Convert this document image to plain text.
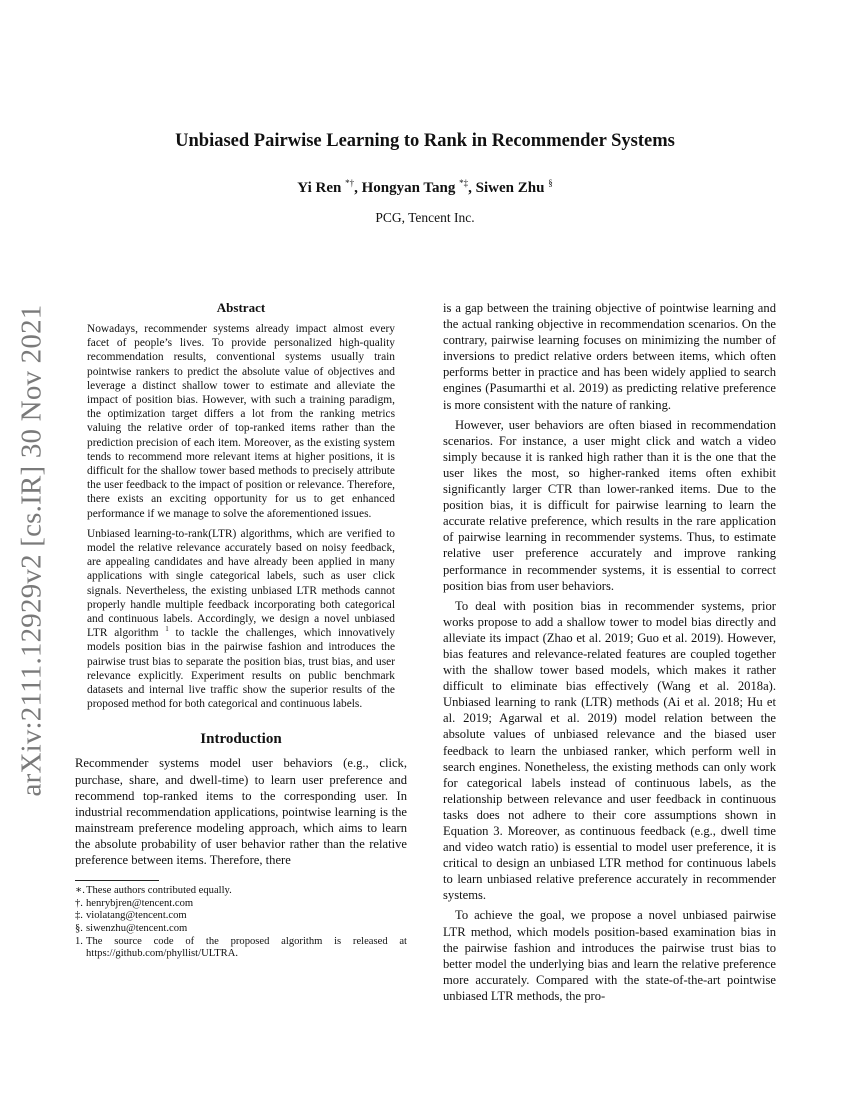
arXiv:2111.12929v2 [cs.IR] 30 Nov 2021
Unbiased Pairwise Learning to Rank in Recommender Systems
Yi Ren *†, Hongyan Tang *‡, Siwen Zhu §
PCG, Tencent Inc.
Abstract

Nowadays, recommender systems already impact almost every facet of people’s lives. To provide personalized high-quality recommendation results, conventional systems usually train pointwise rankers to predict the absolute value of objectives and leverage a distinct shallow tower to estimate and alleviate the impact of position bias. However, with such a training paradigm, the optimization target differs a lot from the ranking metrics valuing the relative order of top-ranked items rather than the prediction precision of each item. Moreover, as the existing system tends to recommend more relevant items at higher positions, it is difficult for the shallow tower based methods to precisely attribute the user feedback to the impact of position or relevance. Therefore, there exists an exciting opportunity for us to get enhanced performance if we manage to solve the aforementioned issues.

Unbiased learning-to-rank(LTR) algorithms, which are verified to model the relative relevance accurately based on noisy feedback, are appealing candidates and have already been applied in many applications with single categorical labels, such as user click signals. Nevertheless, the existing unbiased LTR methods cannot properly handle multiple feedback incorporating both categorical and continuous labels. Accordingly, we design a novel unbiased LTR algorithm $^1$ to tackle the challenges, which innovatively models position bias in the pairwise fashion and introduces the pairwise trust bias to separate the position bias, trust bias, and user relevance explicitly. Experiment results on public benchmark datasets and internal live traffic show the superior results of the proposed method for both categorical and continuous labels.

Introduction

Recommender systems model user behaviors (e.g., click, purchase, share, and dwell-time) to learn user preference and recommend top-ranked items to the corresponding user. In industrial recommendation applications, pointwise learning is the mainstream preference modeling approach, which aims to learn the absolute probability of user behavior rather than the relative preference between items. Therefore, there

∗. These authors contributed equally.
†. henrybjren@tencent.com
‡. violatang@tencent.com
§. siwenzhu@tencent.com
1. The source code of the proposed algorithm is released at https://github.com/phyllist/ULTRA.

is a gap between the training objective of pointwise learning and the actual ranking objective in recommendation scenarios. On the contrary, pairwise learning focuses on minimizing the number of inversions to predict relative orders between items, which often performs better in practice and has been widely applied to search engines (Pasumarthi et al. 2019) as predicting relative preference is more consistent with the nature of ranking.

However, user behaviors are often biased in recommendation scenarios. For instance, a user might click and watch a video simply because it is ranked high rather than it is the one that the user likes the most, so higher-ranked items often exhibit significantly larger CTR than lower-ranked items. Due to the position bias, it is difficult for pairwise learning to learn the accurate relative preference, which results in the rare application of pairwise learning in recommender systems. Thus, to estimate relative user preference accurately and improve ranking performance in recommender systems, it is essential to correct position bias from user behaviors.

To deal with position bias in recommender systems, prior works propose to add a shallow tower to model bias directly and alleviate its impact (Zhao et al. 2019; Guo et al. 2019). However, bias features and relevance-related features are coupled together with the shallow tower based models, which makes it rather difficult to eliminate bias effectively (Wang et al. 2018a). Unbiased learning to rank (LTR) methods (Ai et al. 2018; Hu et al. 2019; Agarwal et al. 2019) model relation between the absolute values of unbiased relevance and the biased user feedback to learn the unbiased ranker, which perform well in search engines. Nonetheless, the existing methods can only work for categorical labels instead of continuous labels, as the relationship between relevance and user feedback in continuous tasks does not adhere to their core assumptions shown in Equation 3. Moreover, as continuous feedback (e.g., dwell time and video watch ratio) is essential to model user preference, it is critical to design an unbiased LTR method for continuous labels to learn unbiased relative preference accurately in recommender systems.

To achieve the goal, we propose a novel unbiased pairwise LTR method, which models position-based examination bias in the pairwise fashion and introduces the pairwise trust bias to better model the underlying bias and learn the relative preference more accurately. Compared with the state-of-the-art pointwise unbiased LTR methods, the pro-
